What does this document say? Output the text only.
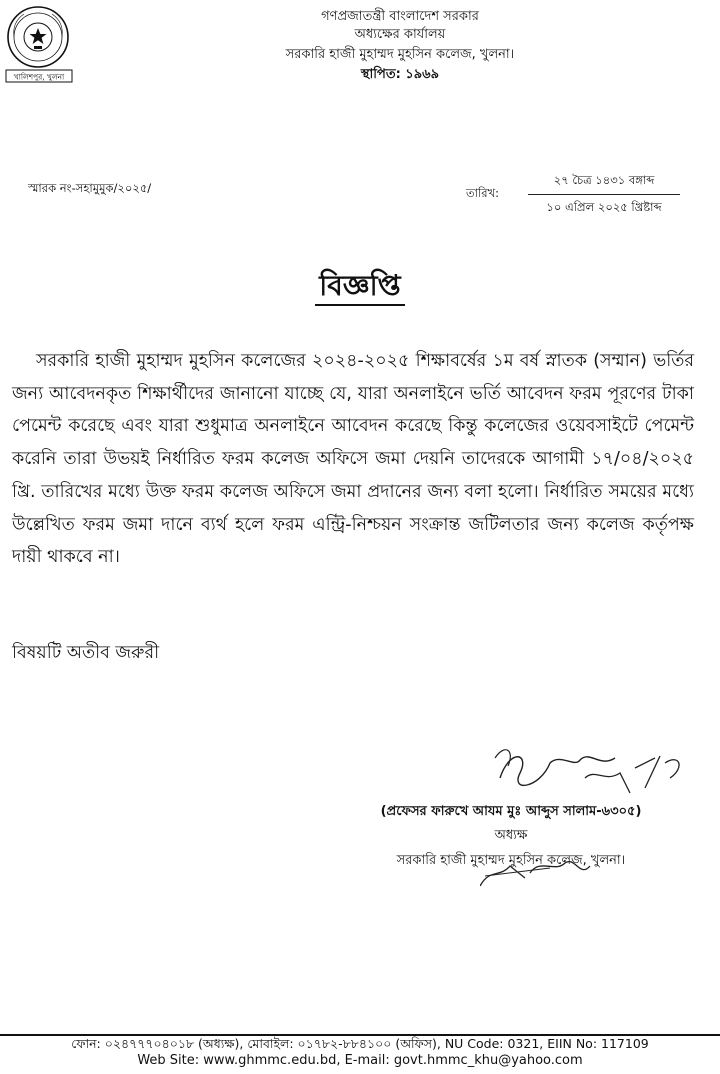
খালিশপুর, খুলনা
গণপ্রজাতন্ত্রী বাংলাদেশ সরকার
অধ্যক্ষের কার্যালয়
সরকারি হাজী মুহাম্মদ মুহসিন কলেজ, খুলনা।
স্থাপিত: ১৯৬৯
স্মারক নং-সহামুমুক/২০২৫/	তারিখ:
২৭ চৈত্র ১৪৩১ বঙ্গাব্দ
১০ এপ্রিল ২০২৫ খ্রিষ্টাব্দ
বিজ্ঞপ্তি
সরকারি হাজী মুহাম্মদ মুহসিন কলেজের ২০২৪-২০২৫ শিক্ষাবর্ষের ১ম বর্ষ স্নাতক (সম্মান) ভর্তির জন্য আবেদনকৃত শিক্ষার্থীদের জানানো যাচ্ছে যে, যারা অনলাইনে ভর্তি আবেদন ফরম পূরণের টাকা পেমেন্ট করেছে এবং যারা শুধুমাত্র অনলাইনে আবেদন করেছে কিন্তু কলেজের ওয়েবসাইটে পেমেন্ট করেনি তারা উভয়ই নির্ধারিত ফরম কলেজ অফিসে জমা দেয়নি তাদেরকে আগামী ১৭/০৪/২০২৫ খ্রি. তারিখের মধ্যে উক্ত ফরম কলেজ অফিসে জমা প্রদানের জন্য বলা হলো। নির্ধারিত সময়ের মধ্যে উল্লেখিত ফরম জমা দানে ব্যর্থ হলে ফরম এন্ট্রি-নিশ্চয়ন সংক্রান্ত জটিলতার জন্য কলেজ কর্তৃপক্ষ দায়ী থাকবে না।
বিষয়টি অতীব জরুরী
(প্রফেসর ফারুখে আযম মুঃ আব্দুস সালাম-৬৩০৫)
অধ্যক্ষ
সরকারি হাজী মুহাম্মদ মুহসিন কলেজ, খুলনা।
ফোন: ০২৪৭৭৭০৪০১৮ (অধ্যক্ষ), মোবাইল: ০১৭৮২-৮৮৪১০০ (অফিস), NU Code: 0321, EIIN No: 117109
Web Site: www.ghmmc.edu.bd, E-mail: govt.hmmc_khu@yahoo.com
